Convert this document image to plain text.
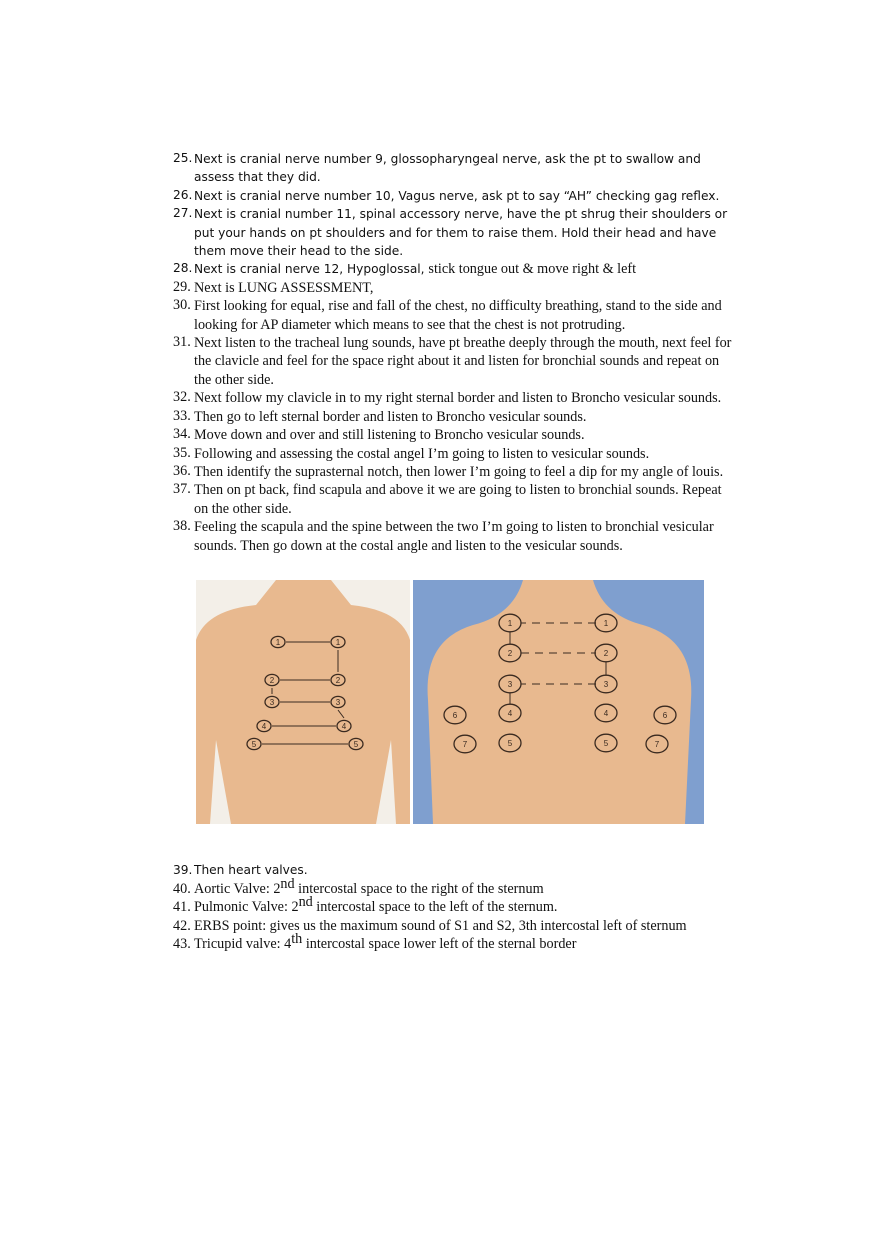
25. Next is cranial nerve number 9, glossopharyngeal nerve, ask the pt to swallow and assess that they did.
26. Next is cranial nerve number 10, Vagus nerve, ask pt to say “AH” checking gag reflex.
27. Next is cranial number 11, spinal accessory nerve, have the pt shrug their shoulders or put your hands on pt shoulders and for them to raise them. Hold their head and have them move their head to the side.
28. Next is cranial nerve 12, Hypoglossal, stick tongue out & move right & left
29. Next is LUNG ASSESSMENT,
30. First looking for equal, rise and fall of the chest, no difficulty breathing, stand to the side and looking for AP diameter which means to see that the chest is not protruding.
31. Next listen to the tracheal lung sounds, have pt breathe deeply through the mouth, next feel for the clavicle and feel for the space right about it and listen for bronchial sounds and repeat on the other side.
32. Next follow my clavicle in to my right sternal border and listen to Broncho vesicular sounds.
33. Then go to left sternal border and listen to Broncho vesicular sounds.
34. Move down and over and still listening to Broncho vesicular sounds.
35. Following and assessing the costal angel I’m going to listen to vesicular sounds.
36. Then identify the suprasternal notch, then lower I’m going to feel a dip for my angle of louis.
37. Then on pt back, find scapula and above it we are going to listen to bronchial sounds. Repeat on the other side.
38. Feeling the scapula and the spine between the two I’m going to listen to bronchial vesicular sounds. Then go down at the costal angle and listen to the vesicular sounds.
1	1
2	2
3	3
4	4
5	5
1	1
2	2
3	3
4	4
5	5
6	6
7	7
39. Then heart valves.
40. Aortic Valve: 2nd intercostal space to the right of the sternum
41. Pulmonic Valve: 2nd intercostal space to the left of the sternum.
42. ERBS point: gives us the maximum sound of S1 and S2, 3th intercostal left of sternum
43. Tricupid valve: 4th intercostal space lower left of the sternal border
